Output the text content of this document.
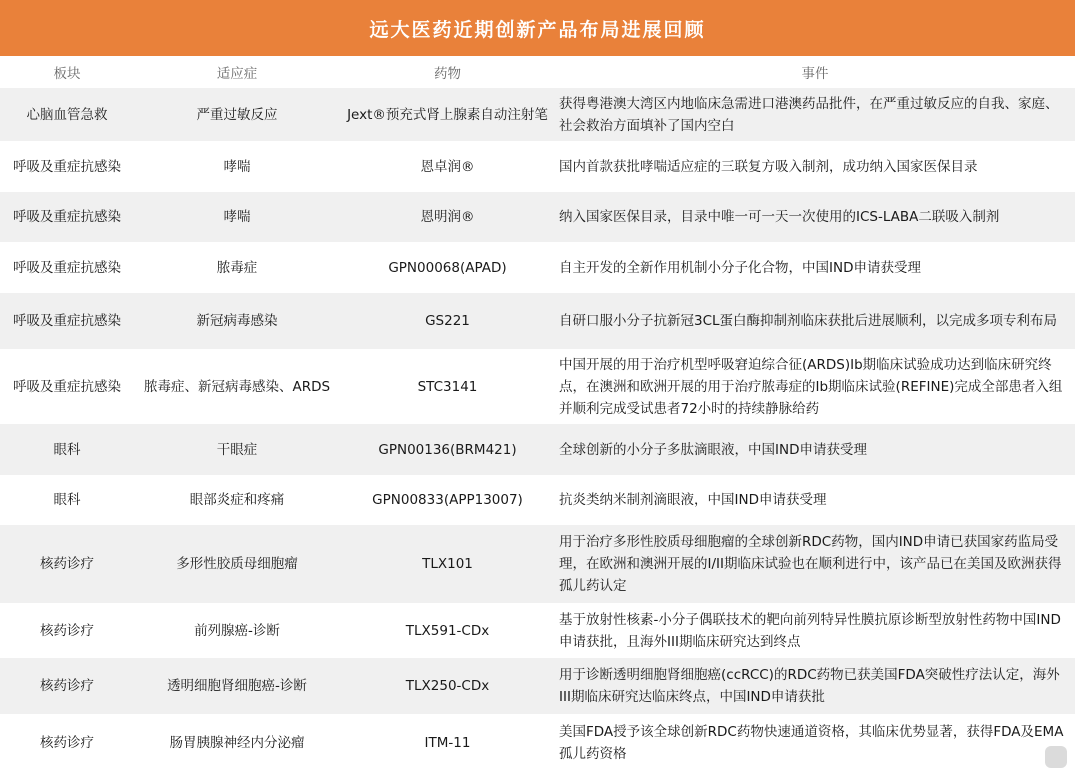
远大医药近期创新产品布局进展回顾
板块	适应症	药物	事件
心脑血管急救	严重过敏反应	Jext®预充式肾上腺素自动注射笔	获得粤港澳大湾区内地临床急需进口港澳药品批件，在严重过敏反应的自我、家庭、社会救治方面填补了国内空白
呼吸及重症抗感染	哮喘	恩卓润®	国内首款获批哮喘适应症的三联复方吸入制剂，成功纳入国家医保目录
呼吸及重症抗感染	哮喘	恩明润®	纳入国家医保目录，目录中唯一可一天一次使用的ICS-LABA二联吸入制剂
呼吸及重症抗感染	脓毒症	GPN00068(APAD)	自主开发的全新作用机制小分子化合物，中国IND申请获受理
呼吸及重症抗感染	新冠病毒感染	GS221	自研口服小分子抗新冠3CL蛋白酶抑制剂临床获批后进展顺利，以完成多项专利布局
呼吸及重症抗感染	脓毒症、新冠病毒感染、ARDS	STC3141	中国开展的用于治疗机型呼吸窘迫综合征(ARDS)Ib期临床试验成功达到临床研究终点，在澳洲和欧洲开展的用于治疗脓毒症的Ib期临床试验(REFINE)完成全部患者入组并顺利完成受试患者72小时的持续静脉给药
眼科	干眼症	GPN00136(BRM421)	全球创新的小分子多肽滴眼液，中国IND申请获受理
眼科	眼部炎症和疼痛	GPN00833(APP13007)	抗炎类纳米制剂滴眼液，中国IND申请获受理
核药诊疗	多形性胶质母细胞瘤	TLX101	用于治疗多形性胶质母细胞瘤的全球创新RDC药物，国内IND申请已获国家药监局受理，在欧洲和澳洲开展的I/II期临床试验也在顺利进行中，该产品已在美国及欧洲获得孤儿药认定
核药诊疗	前列腺癌-诊断	TLX591-CDx	基于放射性核素-小分子偶联技术的靶向前列特异性膜抗原诊断型放射性药物中国IND申请获批，且海外III期临床研究达到终点
核药诊疗	透明细胞肾细胞癌-诊断	TLX250-CDx	用于诊断透明细胞肾细胞癌(ccRCC)的RDC药物已获美国FDA突破性疗法认定，海外III期临床研究达临床终点，中国IND申请获批
核药诊疗	肠胃胰腺神经内分泌瘤	ITM-11	美国FDA授予该全球创新RDC药物快速通道资格，其临床优势显著，获得FDA及EMA孤儿药资格
